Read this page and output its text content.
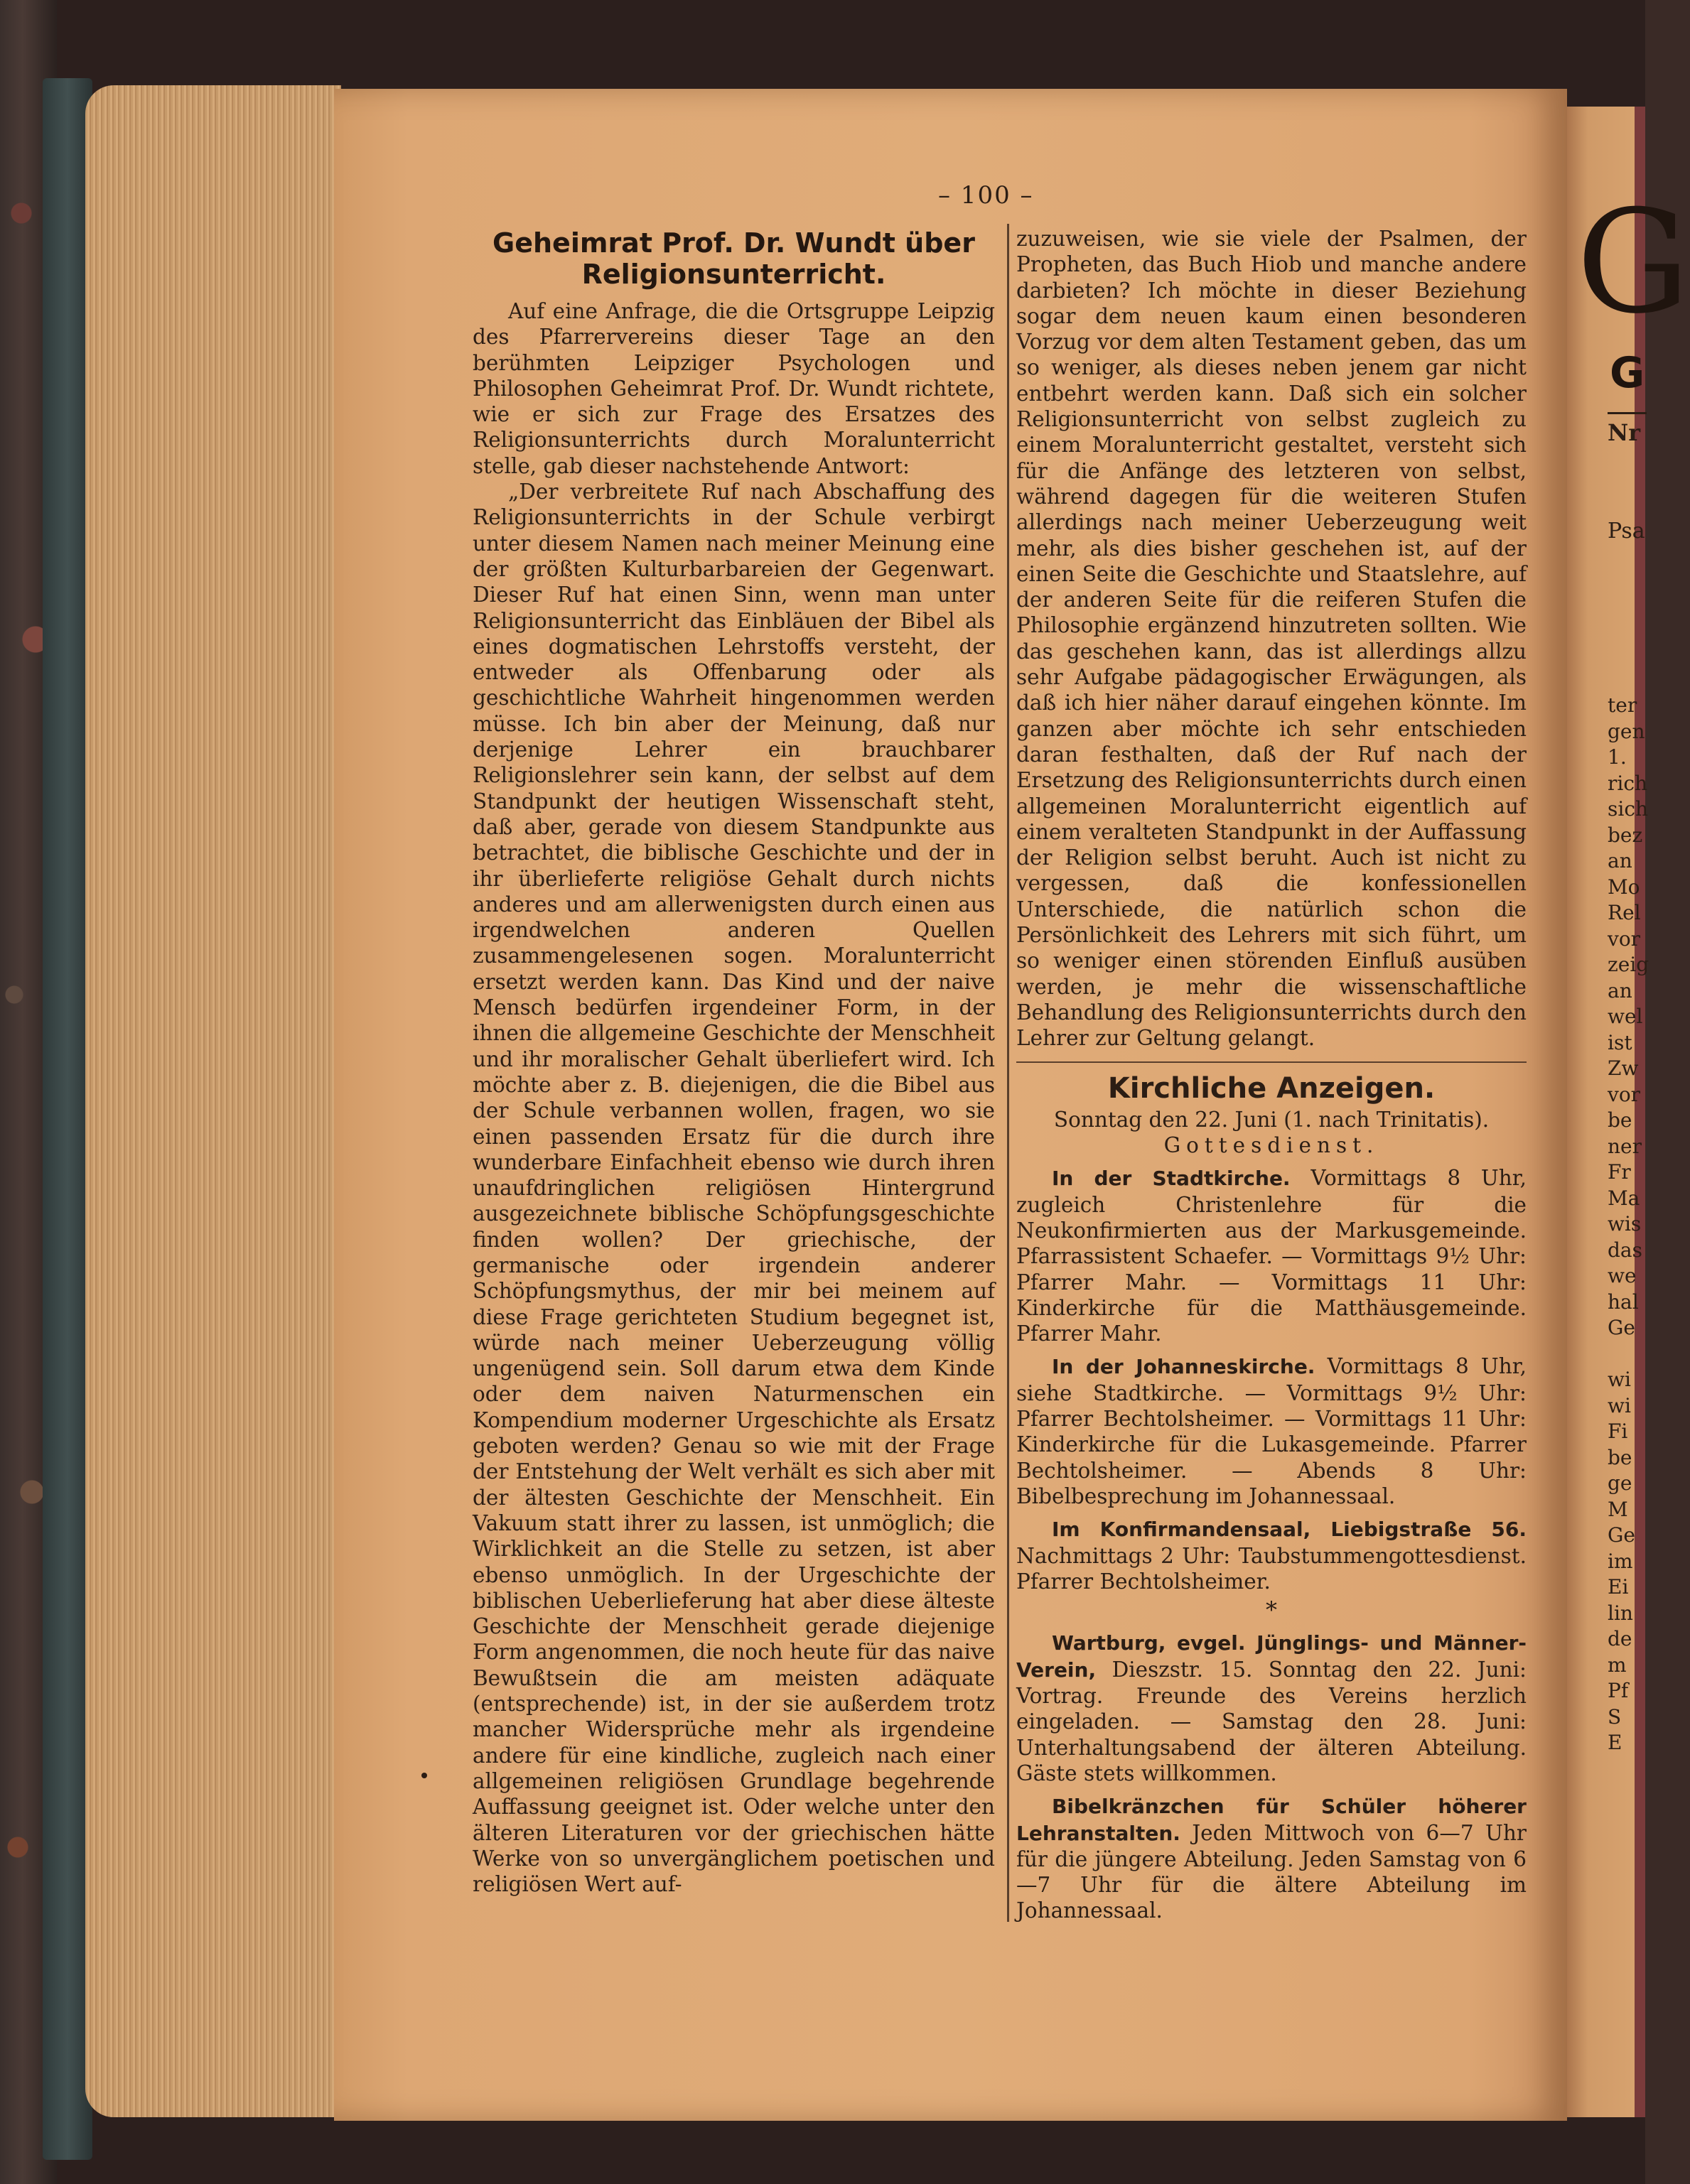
– 100 –
Geheimrat Prof. Dr. Wundt über Religionsunterricht.

Auf eine Anfrage, die die Ortsgruppe Leipzig des Pfarrervereins dieser Tage an den berühmten Leipziger Psychologen und Philosophen Geheimrat Prof. Dr. Wundt richtete, wie er sich zur Frage des Ersatzes des Religionsunterrichts durch Moralunterricht stelle, gab dieser nachstehende Antwort:

„Der verbreitete Ruf nach Abschaffung des Religionsunterrichts in der Schule verbirgt unter diesem Namen nach meiner Meinung eine der größten Kulturbarbareien der Gegenwart. Dieser Ruf hat einen Sinn, wenn man unter Religionsunterricht das Einbläuen der Bibel als eines dogmatischen Lehrstoffs versteht, der entweder als Offenbarung oder als geschichtliche Wahrheit hingenommen werden müsse. Ich bin aber der Meinung, daß nur derjenige Lehrer ein brauchbarer Religionslehrer sein kann, der selbst auf dem Standpunkt der heutigen Wissenschaft steht, daß aber, gerade von diesem Standpunkte aus betrachtet, die biblische Geschichte und der in ihr überlieferte religiöse Gehalt durch nichts anderes und am allerwenigsten durch einen aus irgendwelchen anderen Quellen zusammengelesenen sogen. Moralunterricht ersetzt werden kann. Das Kind und der naive Mensch bedürfen irgendeiner Form, in der ihnen die allgemeine Geschichte der Menschheit und ihr moralischer Gehalt überliefert wird. Ich möchte aber z. B. diejenigen, die die Bibel aus der Schule verbannen wollen, fragen, wo sie einen passenden Ersatz für die durch ihre wunderbare Einfachheit ebenso wie durch ihren unaufdringlichen religiösen Hintergrund ausgezeichnete biblische Schöpfungsgeschichte finden wollen? Der griechische, der germanische oder irgendein anderer Schöpfungsmythus, der mir bei meinem auf diese Frage gerichteten Studium begegnet ist, würde nach meiner Ueberzeugung völlig ungenügend sein. Soll darum etwa dem Kinde oder dem naiven Naturmenschen ein Kompendium moderner Urgeschichte als Ersatz geboten werden? Genau so wie mit der Frage der Entstehung der Welt verhält es sich aber mit der ältesten Geschichte der Menschheit. Ein Vakuum statt ihrer zu lassen, ist unmöglich; die Wirklichkeit an die Stelle zu setzen, ist aber ebenso unmöglich. In der Urgeschichte der biblischen Ueberlieferung hat aber diese älteste Geschichte der Menschheit gerade diejenige Form angenommen, die noch heute für das naive Bewußtsein die am meisten adäquate (entsprechende) ist, in der sie außerdem trotz mancher Widersprüche mehr als irgendeine andere für eine kindliche, zugleich nach einer allgemeinen religiösen Grundlage begehrende Auffassung geeignet ist. Oder welche unter den älteren Literaturen vor der griechischen hätte Werke von so unvergänglichem poetischen und religiösen Wert auf-

zuzuweisen, wie sie viele der Psalmen, der Propheten, das Buch Hiob und manche andere darbieten? Ich möchte in dieser Beziehung sogar dem neuen kaum einen besonderen Vorzug vor dem alten Testament geben, das um so weniger, als dieses neben jenem gar nicht entbehrt werden kann. Daß sich ein solcher Religionsunterricht von selbst zugleich zu einem Moralunterricht gestaltet, versteht sich für die Anfänge des letzteren von selbst, während dagegen für die weiteren Stufen allerdings nach meiner Ueberzeugung weit mehr, als dies bisher geschehen ist, auf der einen Seite die Geschichte und Staatslehre, auf der anderen Seite für die reiferen Stufen die Philosophie ergänzend hinzutreten sollten. Wie das geschehen kann, das ist allerdings allzu sehr Aufgabe pädagogischer Erwägungen, als daß ich hier näher darauf eingehen könnte. Im ganzen aber möchte ich sehr entschieden daran festhalten, daß der Ruf nach der Ersetzung des Religionsunterrichts durch einen allgemeinen Moralunterricht eigentlich auf einem veralteten Standpunkt in der Auffassung der Religion selbst beruht. Auch ist nicht zu vergessen, daß die konfessionellen Unterschiede, die natürlich schon die Persönlichkeit des Lehrers mit sich führt, um so weniger einen störenden Einfluß ausüben werden, je mehr die wissenschaftliche Behandlung des Religionsunterrichts durch den Lehrer zur Geltung gelangt.

Kirchliche Anzeigen.

Sonntag den 22. Juni (1. nach Trinitatis).

Gottesdienst.

In der Stadtkirche. Vormittags 8 Uhr, zugleich Christenlehre für die Neukonfirmierten aus der Markusgemeinde. Pfarrassistent Schaefer. — Vormittags 9½ Uhr: Pfarrer Mahr. — Vormittags 11 Uhr: Kinderkirche für die Matthäusgemeinde. Pfarrer Mahr.

In der Johanneskirche. Vormittags 8 Uhr, siehe Stadtkirche. — Vormittags 9½ Uhr: Pfarrer Bechtolsheimer. — Vormittags 11 Uhr: Kinderkirche für die Lukasgemeinde. Pfarrer Bechtolsheimer. — Abends 8 Uhr: Bibelbesprechung im Johannessaal.

Im Konfirmandensaal, Liebigstraße 56. Nachmittags 2 Uhr: Taubstummengottesdienst. Pfarrer Bechtolsheimer.

*

Wartburg, evgel. Jünglings- und Männer-Verein, Dieszstr. 15. Sonntag den 22. Juni: Vortrag. Freunde des Vereins herzlich eingeladen. — Samstag den 28. Juni: Unterhaltungsabend der älteren Abteilung. Gäste stets willkommen.

Bibelkränzchen für Schüler höherer Lehranstalten. Jeden Mittwoch von 6—7 Uhr für die jüngere Abteilung. Jeden Samstag von 6—7 Uhr für die ältere Abteilung im Johannessaal.

G
G
Nr
Psa
ter
gen
1.
rich
sich
bez
an
Mo
Rel
vor
zeig
an
wel
ist
Zw
vor
be
ner
Fr
Ma
wis
das
we
hal
Ge

wi
wi
Fi
be
ge
M
Ge
im
Ei
lin
de
m
Pf
S
E
